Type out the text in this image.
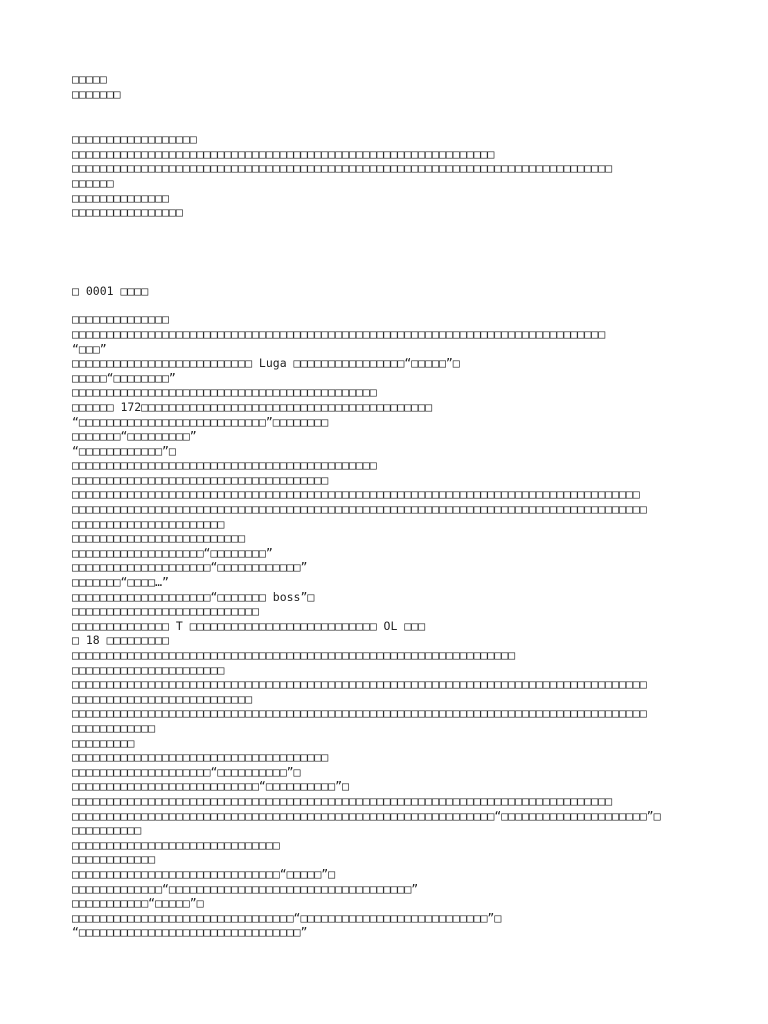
□□□□□
□□□□□□□
□□□□□□□□□□□□□□□□□□
□□□□□□□□□□□□□□□□□□□□□□□□□□□□□□□□□□□□□□□□□□□□□□□□□□□□□□□□□□□□□
□□□□□□□□□□□□□□□□□□□□□□□□□□□□□□□□□□□□□□□□□□□□□□□□□□□□□□□□□□□□□□□□□□□□□□□□□□□□□□
□□□□□□
□□□□□□□□□□□□□□
□□□□□□□□□□□□□□□□
□ 0001 □□□□
□□□□□□□□□□□□□□
□□□□□□□□□□□□□□□□□□□□□□□□□□□□□□□□□□□□□□□□□□□□□□□□□□□□□□□□□□□□□□□□□□□□□□□□□□□□□
“□□□”
□□□□□□□□□□□□□□□□□□□□□□□□□□ Luga □□□□□□□□□□□□□□□□“□□□□□”□
□□□□□“□□□□□□□□”
□□□□□□□□□□□□□□□□□□□□□□□□□□□□□□□□□□□□□□□□□□□□
□□□□□□ 172□□□□□□□□□□□□□□□□□□□□□□□□□□□□□□□□□□□□□□□□□□
“□□□□□□□□□□□□□□□□□□□□□□□□□□□”□□□□□□□□
□□□□□□□“□□□□□□□□□”
“□□□□□□□□□□□□”□
□□□□□□□□□□□□□□□□□□□□□□□□□□□□□□□□□□□□□□□□□□□□
□□□□□□□□□□□□□□□□□□□□□□□□□□□□□□□□□□□□□
□□□□□□□□□□□□□□□□□□□□□□□□□□□□□□□□□□□□□□□□□□□□□□□□□□□□□□□□□□□□□□□□□□□□□□□□□□□□□□□□□□
□□□□□□□□□□□□□□□□□□□□□□□□□□□□□□□□□□□□□□□□□□□□□□□□□□□□□□□□□□□□□□□□□□□□□□□□□□□□□□□□□□□
□□□□□□□□□□□□□□□□□□□□□□
□□□□□□□□□□□□□□□□□□□□□□□□□
□□□□□□□□□□□□□□□□□□□“□□□□□□□□”
□□□□□□□□□□□□□□□□□□□□“□□□□□□□□□□□□”
□□□□□□□“□□□□…”
□□□□□□□□□□□□□□□□□□□□“□□□□□□□ boss”□
□□□□□□□□□□□□□□□□□□□□□□□□□□□
□□□□□□□□□□□□□□ T □□□□□□□□□□□□□□□□□□□□□□□□□□□ OL □□□
□ 18 □□□□□□□□□
□□□□□□□□□□□□□□□□□□□□□□□□□□□□□□□□□□□□□□□□□□□□□□□□□□□□□□□□□□□□□□□□
□□□□□□□□□□□□□□□□□□□□□□
□□□□□□□□□□□□□□□□□□□□□□□□□□□□□□□□□□□□□□□□□□□□□□□□□□□□□□□□□□□□□□□□□□□□□□□□□□□□□□□□□□□
□□□□□□□□□□□□□□□□□□□□□□□□□□
□□□□□□□□□□□□□□□□□□□□□□□□□□□□□□□□□□□□□□□□□□□□□□□□□□□□□□□□□□□□□□□□□□□□□□□□□□□□□□□□□□□
□□□□□□□□□□□□
□□□□□□□□□
□□□□□□□□□□□□□□□□□□□□□□□□□□□□□□□□□□□□□
□□□□□□□□□□□□□□□□□□□□“□□□□□□□□□□”□
□□□□□□□□□□□□□□□□□□□□□□□□□□□“□□□□□□□□□□”□
□□□□□□□□□□□□□□□□□□□□□□□□□□□□□□□□□□□□□□□□□□□□□□□□□□□□□□□□□□□□□□□□□□□□□□□□□□□□□□
□□□□□□□□□□□□□□□□□□□□□□□□□□□□□□□□□□□□□□□□□□□□□□□□□□□□□□□□□□□□□“□□□□□□□□□□□□□□□□□□□□□”□
□□□□□□□□□□
□□□□□□□□□□□□□□□□□□□□□□□□□□□□□□
□□□□□□□□□□□□
□□□□□□□□□□□□□□□□□□□□□□□□□□□□□□“□□□□□”□
□□□□□□□□□□□□□“□□□□□□□□□□□□□□□□□□□□□□□□□□□□□□□□□□□”
□□□□□□□□□□□“□□□□□”□
□□□□□□□□□□□□□□□□□□□□□□□□□□□□□□□□“□□□□□□□□□□□□□□□□□□□□□□□□□□□”□
“□□□□□□□□□□□□□□□□□□□□□□□□□□□□□□□□”
